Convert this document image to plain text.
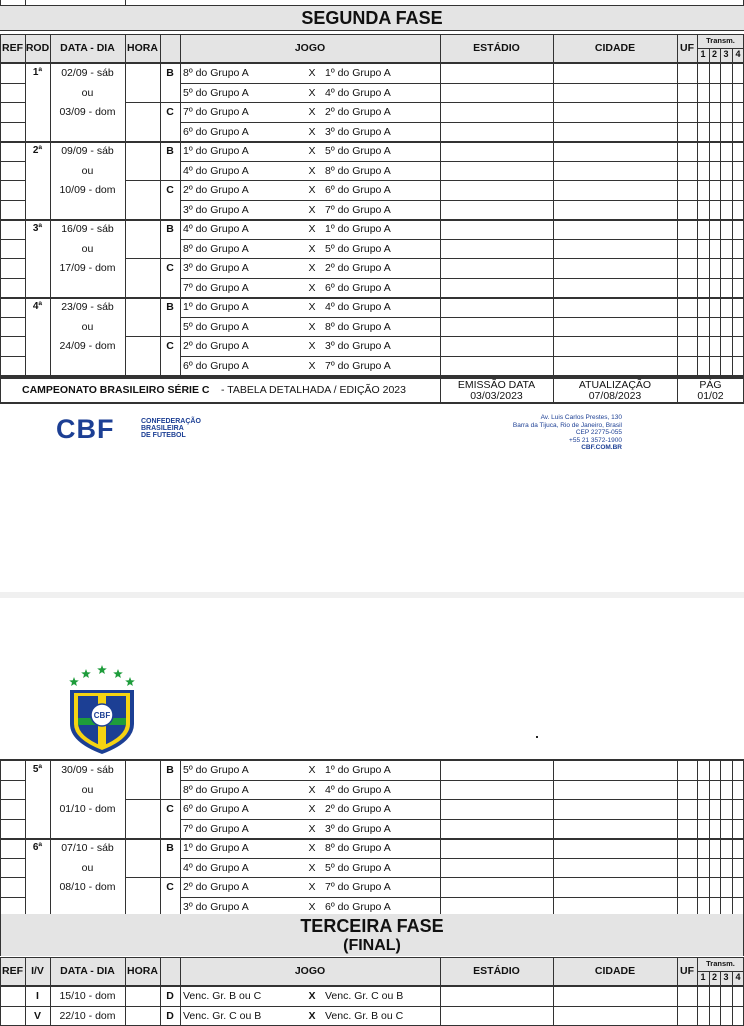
SEGUNDA FASE
REF ROD	DATA - DIA	HORA	JOGO	ESTÁDIO	CIDADE	UF
Transm.
1 2 3 4
1ª	02/09 - sáb
ou
03/09 - dom
B 8º do Grupo A	X 1º do Grupo A
5º do Grupo A	X 4º do Grupo A
C 7º do Grupo A	X 2º do Grupo A
6º do Grupo A	X 3º do Grupo A
2ª	09/09 - sáb
ou
10/09 - dom
B 1º do Grupo A	X 5º do Grupo A
4º do Grupo A	X 8º do Grupo A
C 2º do Grupo A	X 6º do Grupo A
3º do Grupo A	X 7º do Grupo A
3ª	16/09 - sáb
ou
17/09 - dom
B 4º do Grupo A	X 1º do Grupo A
8º do Grupo A	X 5º do Grupo A
C 3º do Grupo A	X 2º do Grupo A
7º do Grupo A	X 6º do Grupo A
4ª	23/09 - sáb
ou
24/09 - dom
B 1º do Grupo A	X 4º do Grupo A
5º do Grupo A	X 8º do Grupo A
C 2º do Grupo A	X 3º do Grupo A
6º do Grupo A	X 7º do Grupo A
CAMPEONATO BRASILEIRO SÉRIE C - TABELA DETALHADA / EDIÇÃO 2023	EMISSÃO DATA
03/03/2023
ATUALIZAÇÃO
07/08/2023
PÁG
01/02
CBF	CONFEDERAÇÃO
BRASILEIRA
DE FUTEBOL
Av. Luis Carlos Prestes, 130
Barra da Tijuca, Rio de Janeiro, Brasil
CEP 22775-055
+55 21 3572-1900
CBF.COM.BR
CBF
5ª	30/09 - sáb
ou
01/10 - dom
B 5º do Grupo A	X 1º do Grupo A
8º do Grupo A	X 4º do Grupo A
C 6º do Grupo A	X 2º do Grupo A
7º do Grupo A	X 3º do Grupo A
6ª	07/10 - sáb
ou
08/10 - dom
B 1º do Grupo A	X 8º do Grupo A
4º do Grupo A	X 5º do Grupo A
C 2º do Grupo A	X 7º do Grupo A
3º do Grupo A	X 6º do Grupo A
TERCEIRA FASE
(FINAL)
REF I/V	DATA - DIA	HORA	JOGO	ESTÁDIO	CIDADE	UF
Transm.
1 2 3 4
I	15/10 - dom	D Venc. Gr. B ou C	X Venc. Gr. C ou B
V	22/10 - dom	D Venc. Gr. C ou B	X Venc. Gr. B ou C
